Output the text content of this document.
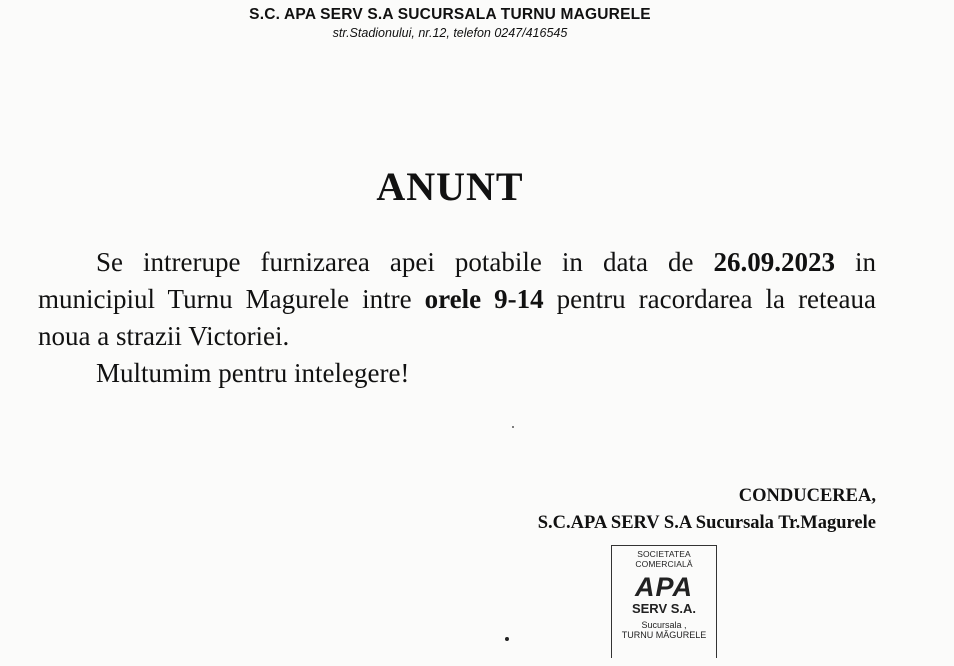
S.C. APA SERV S.A SUCURSALA TURNU MAGURELE
str.Stadionului, nr.12, telefon 0247/416545
ANUNT

Se intrerupe furnizarea apei potabile in data de 26.09.2023 in municipiul Turnu Magurele intre orele 9-14 pentru racordarea la reteaua noua a strazii Victoriei.

Multumim pentru intelegere!

CONDUCEREA,
S.C.APA SERV S.A Sucursala Tr.Magurele
SOCIETATEA COMERCIALĂ
APA
SERV S.A.
Sucursala ,
TURNU MĂGURELE
